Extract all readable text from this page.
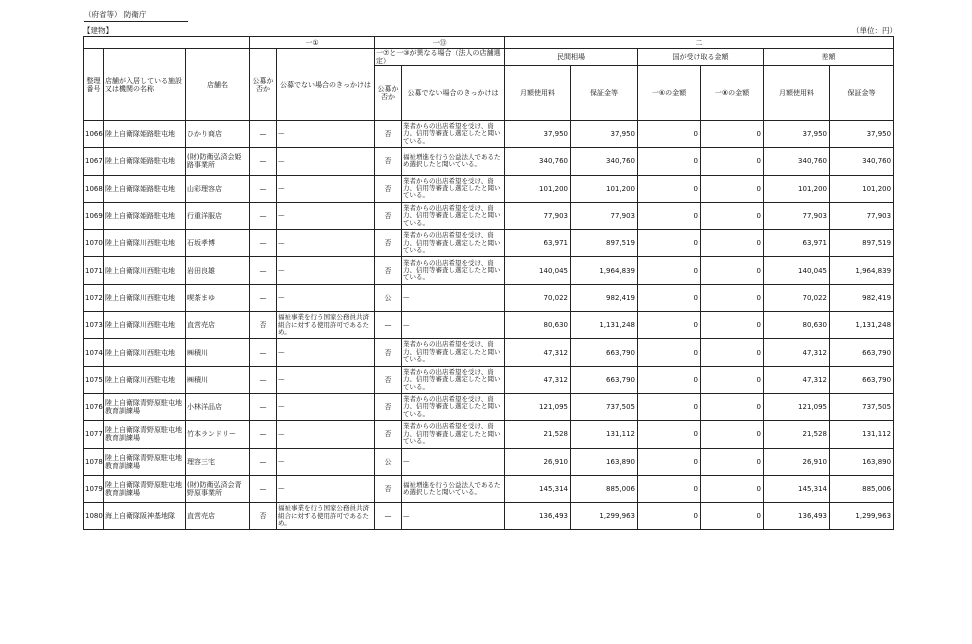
（府省等） 防衛庁
【建物】	（単位：円）
			一①		一⑬		二					
整理番号	店舗が入居している施設又は機関の名称	店舗名	公募か否か	公募でない場合のきっかけは	一⑦と一③が異なる場合（法人の店舗選定）		民間相場		国が受け取る金額		差額	
					公募か否か	公募でない場合のきっかけは	月額使用料	保証金等	一⑥の金額	一⑧の金額	月額使用料	保証金等
1066	陸上自衛隊姫路駐屯地	ひかり商店	—	—	否	業者からの出店希望を受け、資力、信用等審査し選定したと聞いている。	37,950	37,950	0	0	37,950	37,950
1067	陸上自衛隊姫路駐屯地	(財)防衛弘済会姫路事業所	—	—	否	福祉増進を行う公益法人であるため選択したと聞いている。	340,760	340,760	0	0	340,760	340,760
1068	陸上自衛隊姫路駐屯地	山彩理容店	—	—	否	業者からの出店希望を受け、資力、信用等審査し選定したと聞いている。	101,200	101,200	0	0	101,200	101,200
1069	陸上自衛隊姫路駐屯地	行重洋服店	—	—	否	業者からの出店希望を受け、資力、信用等審査し選定したと聞いている。	77,903	77,903	0	0	77,903	77,903
1070	陸上自衛隊川西駐屯地	石坂孝博	—	—	否	業者からの出店希望を受け、資力、信用等審査し選定したと聞いている。	63,971	897,519	0	0	63,971	897,519
1071	陸上自衛隊川西駐屯地	岩田良雄	—	—	否	業者からの出店希望を受け、資力、信用等審査し選定したと聞いている。	140,045	1,964,839	0	0	140,045	1,964,839
1072	陸上自衛隊川西駐屯地	喫茶まゆ	—	—	公	—	70,022	982,419	0	0	70,022	982,419
1073	陸上自衛隊川西駐屯地	直営売店	否	福祉事業を行う国家公務員共済組合に対する使用許可であるため。	—	—	80,630	1,131,248	0	0	80,630	1,131,248
1074	陸上自衛隊川西駐屯地	㈱積川	—	—	否	業者からの出店希望を受け、資力、信用等審査し選定したと聞いている。	47,312	663,790	0	0	47,312	663,790
1075	陸上自衛隊川西駐屯地	㈱積川	—	—	否	業者からの出店希望を受け、資力、信用等審査し選定したと聞いている。	47,312	663,790	0	0	47,312	663,790
1076	陸上自衛隊青野原駐屯地教育訓練場	小林洋品店	—	—	否	業者からの出店希望を受け、資力、信用等審査し選定したと聞いている。	121,095	737,505	0	0	121,095	737,505
1077	陸上自衛隊青野原駐屯地教育訓練場	竹本ランドリー	—	—	否	業者からの出店希望を受け、資力、信用等審査し選定したと聞いている。	21,528	131,112	0	0	21,528	131,112
1078	陸上自衛隊青野原駐屯地教育訓練場	理容三宅	—	—	公	—	26,910	163,890	0	0	26,910	163,890
1079	陸上自衛隊青野原駐屯地教育訓練場	(財)防衛弘済会青野原事業所	—	—	否	福祉増進を行う公益法人であるため選択したと聞いている。	145,314	885,006	0	0	145,314	885,006
1080	海上自衛隊阪神基地隊	直営売店	否	福祉事業を行う国家公務員共済組合に対する使用許可であるため。	—	—	136,493	1,299,963	0	0	136,493	1,299,963
